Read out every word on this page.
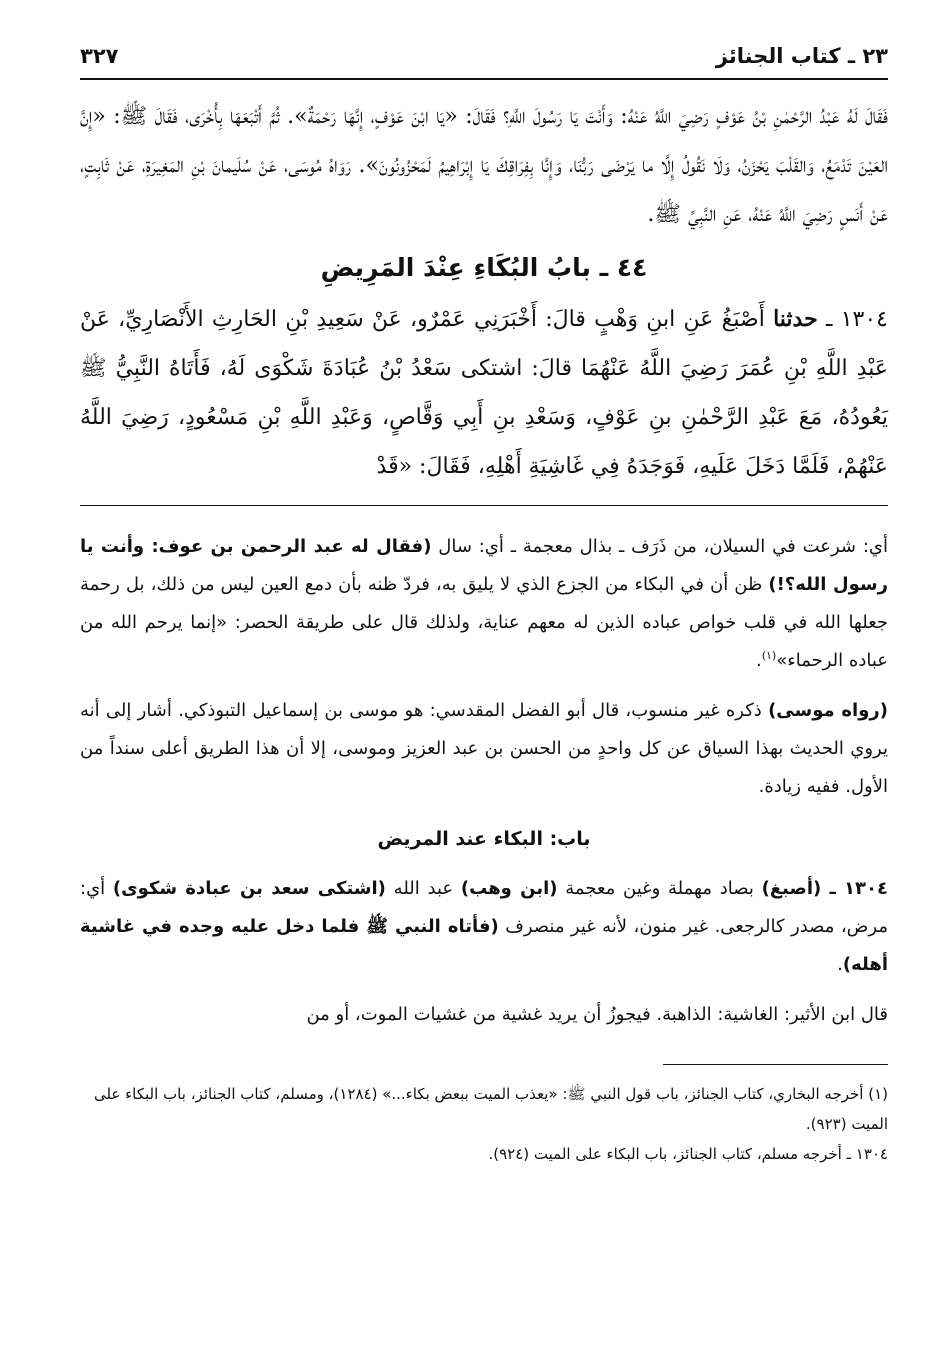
٢٣ ـ كتاب الجنائز
٣٢٧

فَقَالَ لَهُ عَبْدُ الرَّحْمٰنِ بْنُ عَوْفٍ رَضِيَ اللَّهُ عَنْهُ: وَأَنْتَ يَا رَسُولَ اللَّهِ؟ فَقَالَ: «يَا ابْنَ عَوْفٍ، إِنَّهَا رَحْمَةٌ». ثُمَّ أَتْبَعَهَا بِأُخْرَى، فَقَالَ ﷺ: «إِنَّ العَيْنَ تَدْمَعُ، وَالقَلْبَ يَحْزَنُ، وَلَا نَقُولُ إِلَّا ما يَرْضَى رَبُّنَا، وَإِنَّا بِفِرَاقِكَ يَا إِبْرَاهِيمُ لَمَحْزُونُونَ». رَوَاهُ مُوسَى، عَنْ سُلَيمانَ بْنِ المَغِيرَةِ، عَنْ ثَابِتٍ، عَنْ أَنَسٍ رَضِيَ اللَّهُ عَنْهُ، عَنِ النَّبِيِّ ﷺ.

٤٤ ـ بابُ البُكَاءِ عِنْدَ المَرِيضِ

١٣٠٤ ـ حدثنا أَصْبَغُ عَنِ ابنِ وَهْبٍ قالَ: أَخْبَرَنِي عَمْرٌو، عَنْ سَعِيدِ بْنِ الحَارِثِ الأَنْصَارِيِّ، عَنْ عَبْدِ اللَّهِ بْنِ عُمَرَ رَضِيَ اللَّهُ عَنْهُمَا قالَ: اشتكى سَعْدُ بْنُ عُبَادَةَ شَكْوَى لَهُ، فَأَتَاهُ النَّبِيُّ ﷺ يَعُودُهُ، مَعَ عَبْدِ الرَّحْمٰنِ بنِ عَوْفٍ، وَسَعْدِ بنِ أَبِي وَقَّاصٍ، وَعَبْدِ اللَّهِ بْنِ مَسْعُودٍ، رَضِيَ اللَّهُ عَنْهُمْ، فَلَمَّا دَخَلَ عَلَيهِ، فَوَجَدَهُ فِي غَاشِيَةِ أَهْلِهِ، فَقَالَ: «قَدْ

أي: شرعت في السيلان، من ذَرَف ـ بذال معجمة ـ أي: سال (فقال له عبد الرحمن بن عوف: وأنت يا رسول الله؟!) ظن أن في البكاء من الجزع الذي لا يليق به، فردّ ظنه بأن دمع العين ليس من ذلك، بل رحمة جعلها الله في قلب خواص عباده الذين له معهم عناية، ولذلك قال على طريقة الحصر: «إنما يرحم الله من عباده الرحماء»$^{(١)}$.

(رواه موسى) ذكره غير منسوب، قال أبو الفضل المقدسي: هو موسى بن إسماعيل التبوذكي. أشار إلى أنه يروي الحديث بهذا السياق عن كل واحدٍ من الحسن بن عبد العزيز وموسى، إلا أن هذا الطريق أعلى سنداً من الأول. ففيه زيادة.

باب: البكاء عند المريض

١٣٠٤ ـ (أصبغ) بصاد مهملة وغين معجمة (ابن وهب) عبد الله (اشتكى سعد بن عبادة شكوى) أي: مرض، مصدر كالرجعى. غير منون، لأنه غير منصرف (فأتاه النبي ﷺ فلما دخل عليه وجده في غاشية أهله).

قال ابن الأثير: الغاشية: الذاهبة. فيجوزُ أن يريد غشية من غشيات الموت، أو من

(١) أخرجه البخاري، كتاب الجنائز، باب قول النبي ﷺ: «يعذب الميت ببعض بكاء...» (١٢٨٤)، ومسلم، كتاب الجنائز، باب البكاء على الميت (٩٢٣).

١٣٠٤ ـ أخرجه مسلم، كتاب الجنائز، باب البكاء على الميت (٩٢٤).
